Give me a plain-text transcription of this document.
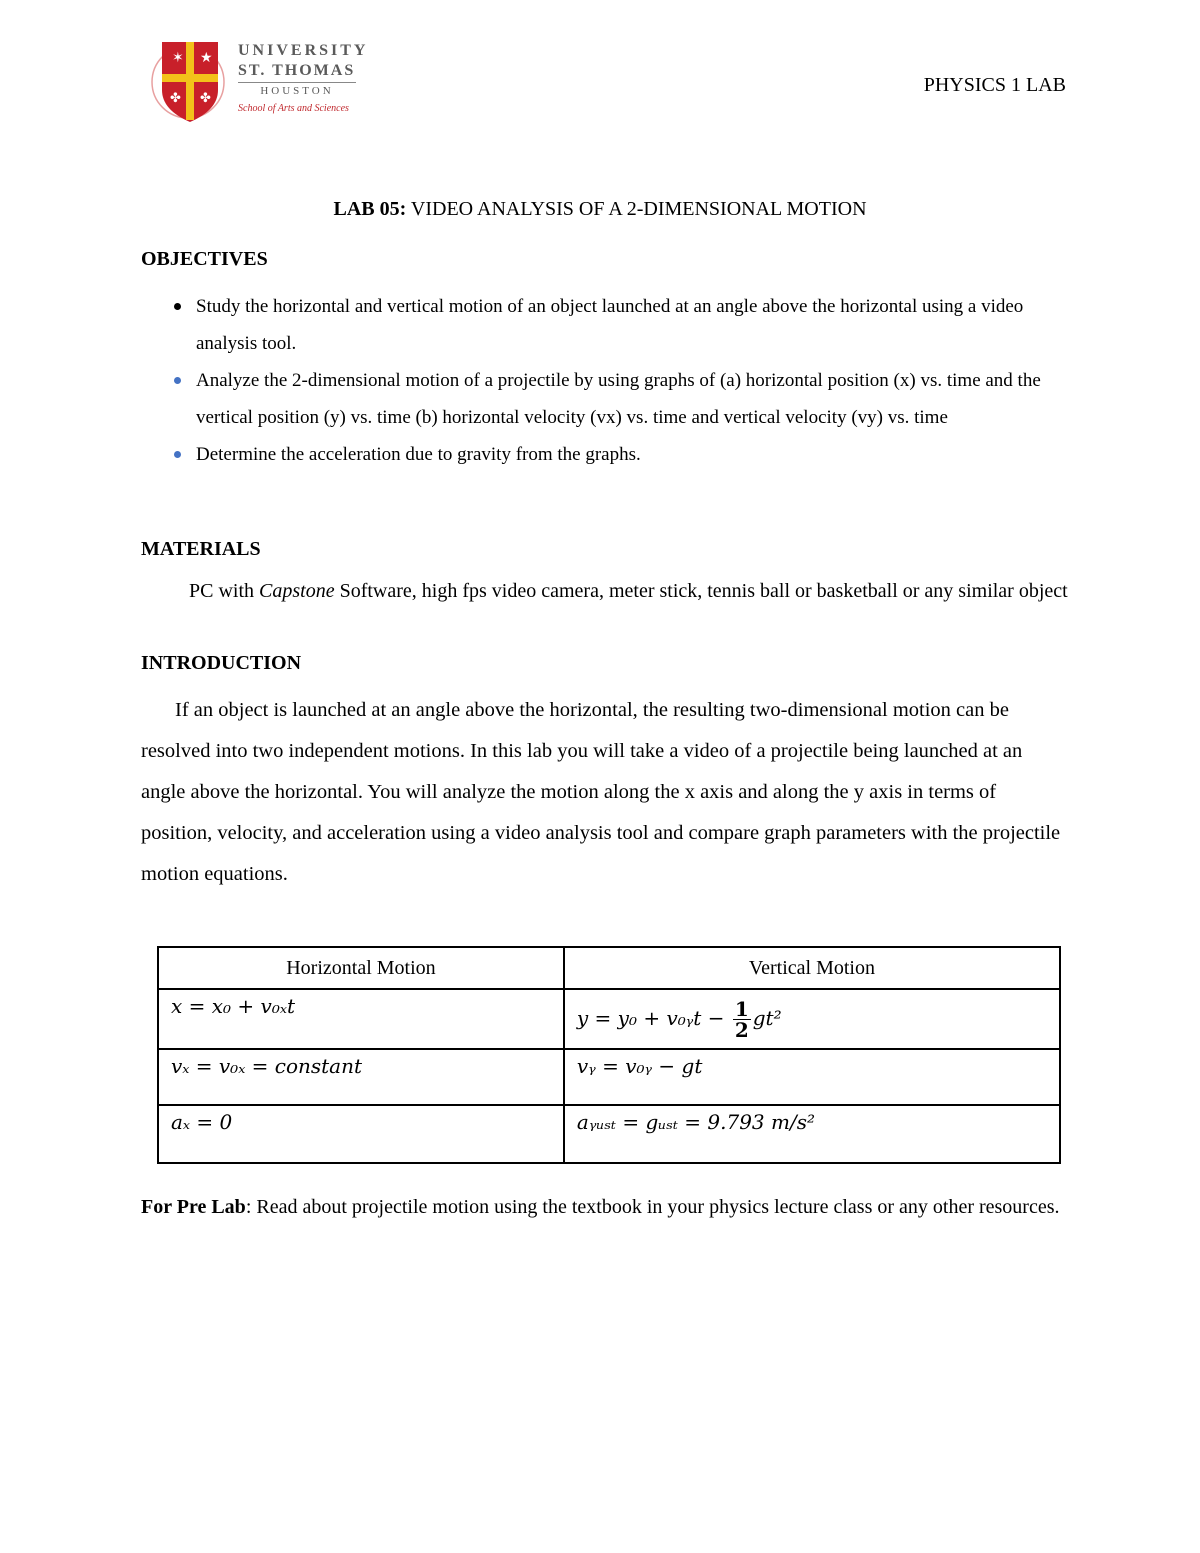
✶ ★
✤ ✤
UNIVERSITY
ST. THOMAS
HOUSTON
School of Arts and Sciences
PHYSICS 1 LAB
LAB 05: VIDEO ANALYSIS OF A 2-DIMENSIONAL MOTION
OBJECTIVES
Study the horizontal and vertical motion of an object launched at an angle above the horizontal using a video analysis tool.
Analyze the 2-dimensional motion of a projectile by using graphs of (a) horizontal position (x) vs. time and the vertical position (y) vs. time (b) horizontal velocity (vx) vs. time and vertical velocity (vy) vs. time
Determine the acceleration due to gravity from the graphs.
MATERIALS
PC with Capstone Software, high fps video camera, meter stick, tennis ball or basketball or any similar object
INTRODUCTION
If an object is launched at an angle above the horizontal, the resulting two-dimensional motion can be resolved into two independent motions. In this lab you will take a video of a projectile being launched at an angle above the horizontal. You will analyze the motion along the x axis and along the y axis in terms of position, velocity, and acceleration using a video analysis tool and compare graph parameters with the projectile motion equations.
Horizontal Motion	Vertical Motion
x = x₀ + v₀ₓt	y = y₀ + v₀ᵧt − $\frac{1}{2} gt^2$
vₓ = v₀ₓ = constant	vᵧ = v₀ᵧ − gt
aₓ = 0	aᵧᵤₛₜ = gᵤₛₜ = 9.793 m/s²
For Pre Lab: Read about projectile motion using the textbook in your physics lecture class or any other resources.
